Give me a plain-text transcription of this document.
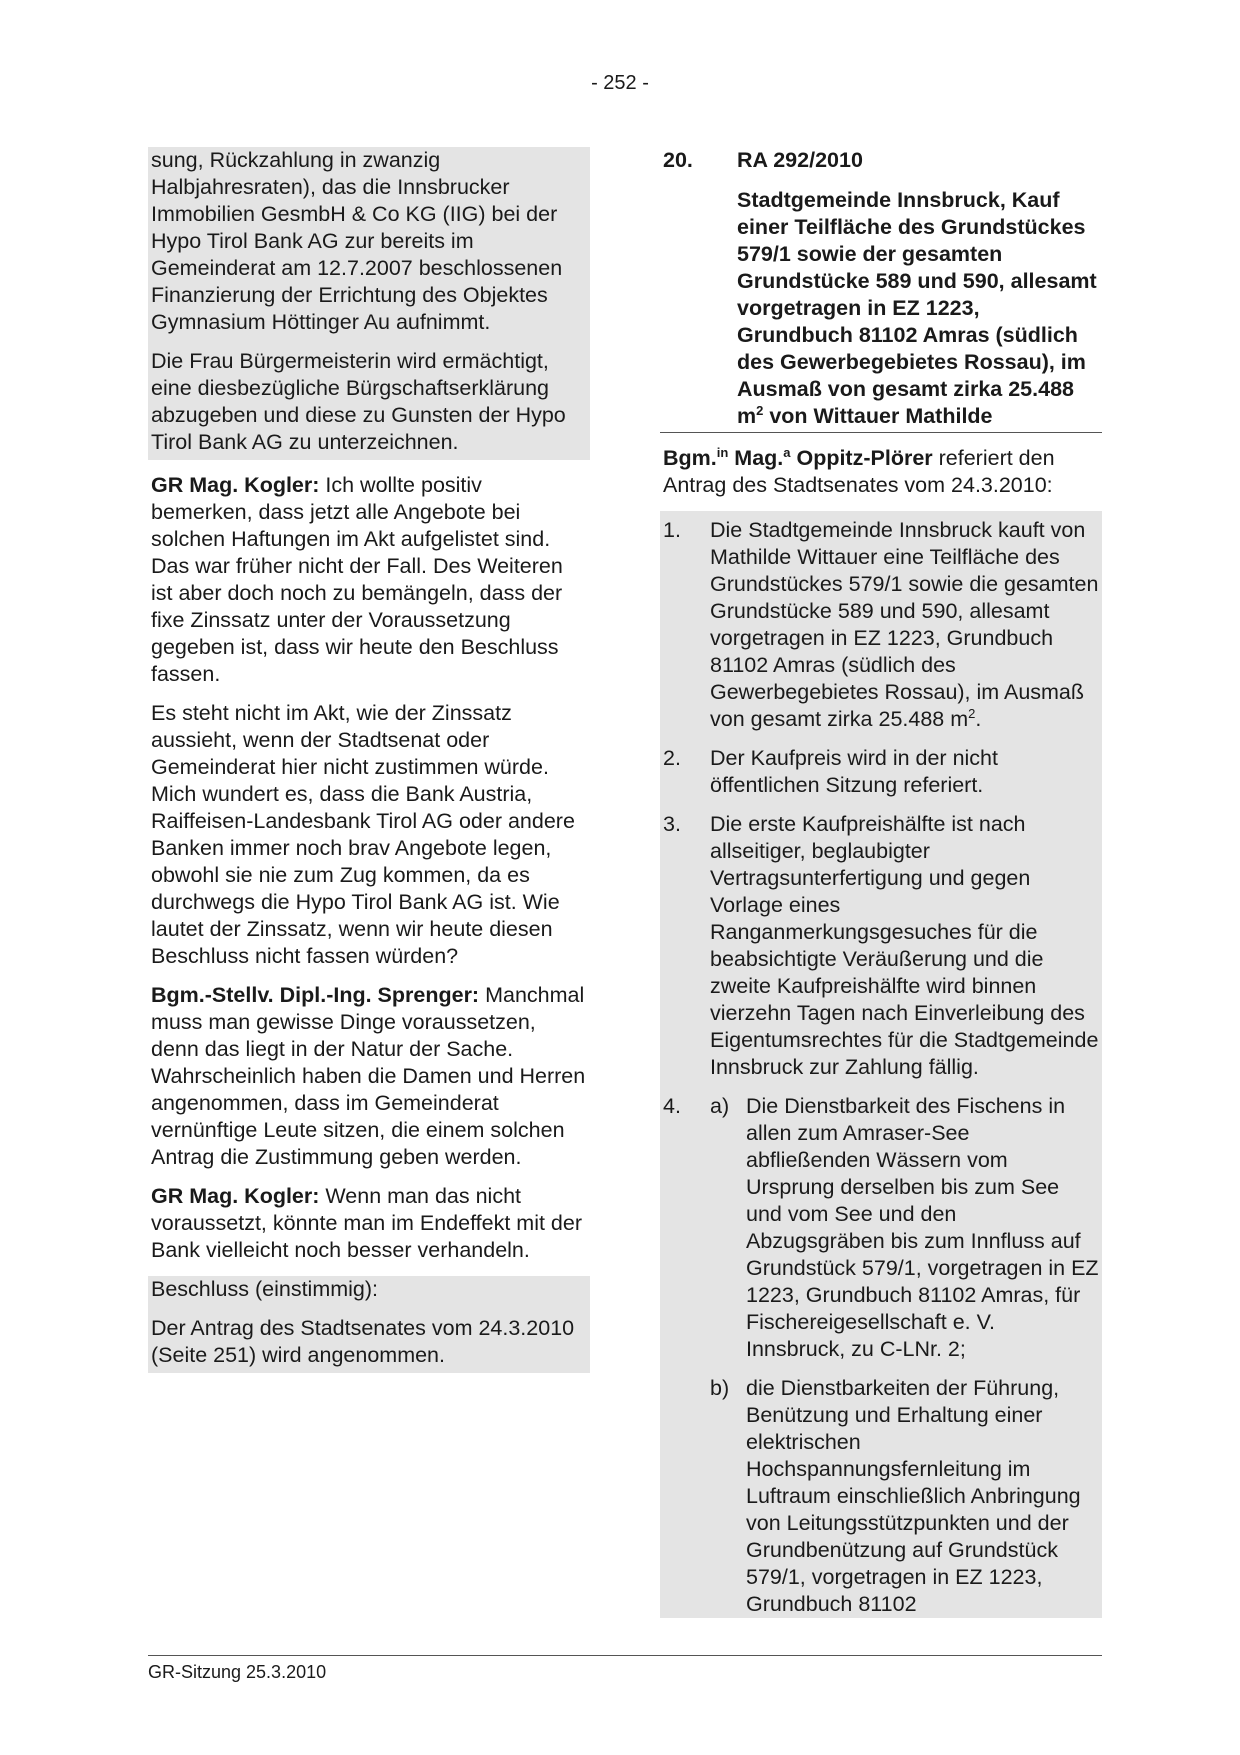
- 252 -
sung, Rückzahlung in zwanzig Halbjahresraten), das die Innsbrucker Immobilien GesmbH & Co KG (IIG) bei der Hypo Tirol Bank AG zur bereits im Gemeinderat am 12.7.2007 beschlossenen Finanzierung der Errichtung des Objektes Gymnasium Höttinger Au aufnimmt.
Die Frau Bürgermeisterin wird ermächtigt, eine diesbezügliche Bürgschaftserklärung abzugeben und diese zu Gunsten der Hypo Tirol Bank AG zu unterzeichnen.
GR Mag. Kogler: Ich wollte positiv bemerken, dass jetzt alle Angebote bei solchen Haftungen im Akt aufgelistet sind. Das war früher nicht der Fall. Des Weiteren ist aber doch noch zu bemängeln, dass der fixe Zinssatz unter der Voraussetzung gegeben ist, dass wir heute den Beschluss fassen.
Es steht nicht im Akt, wie der Zinssatz aussieht, wenn der Stadtsenat oder Gemeinderat hier nicht zustimmen würde. Mich wundert es, dass die Bank Austria, Raiffeisen-Landesbank Tirol AG oder andere Banken immer noch brav Angebote legen, obwohl sie nie zum Zug kommen, da es durchwegs die Hypo Tirol Bank AG ist. Wie lautet der Zinssatz, wenn wir heute diesen Beschluss nicht fassen würden?
Bgm.-Stellv. Dipl.-Ing. Sprenger: Manchmal muss man gewisse Dinge voraussetzen, denn das liegt in der Natur der Sache. Wahrscheinlich haben die Damen und Herren angenommen, dass im Gemeinderat vernünftige Leute sitzen, die einem solchen Antrag die Zustimmung geben werden.
GR Mag. Kogler: Wenn man das nicht voraussetzt, könnte man im Endeffekt mit der Bank vielleicht noch besser verhandeln.
Beschluss (einstimmig):
Der Antrag des Stadtsenates vom 24.3.2010 (Seite 251) wird angenommen.
20.	RA 292/2010
Stadtgemeinde Innsbruck, Kauf einer Teilfläche des Grundstückes 579/1 sowie der gesamten Grundstücke 589 und 590, allesamt vorgetragen in EZ 1223, Grundbuch 81102 Amras (südlich des Gewerbegebietes Rossau), im Ausmaß von gesamt zirka 25.488 $m^2$ von Wittauer Mathilde
Bgm.$^{in}$ Mag.$^a$ Oppitz-Plörer referiert den Antrag des Stadtsenates vom 24.3.2010:
1.	Die Stadtgemeinde Innsbruck kauft von Mathilde Wittauer eine Teilfläche des Grundstückes 579/1 sowie die gesamten Grundstücke 589 und 590, allesamt vorgetragen in EZ 1223, Grundbuch 81102 Amras (südlich des Gewerbegebietes Rossau), im Ausmaß von gesamt zirka 25.488 $m^2$.
2.	Der Kaufpreis wird in der nicht öffentlichen Sitzung referiert.
3.	Die erste Kaufpreishälfte ist nach allseitiger, beglaubigter Vertragsunterfertigung und gegen Vorlage eines Ranganmerkungsgesuches für die beabsichtigte Veräußerung und die zweite Kaufpreishälfte wird binnen vierzehn Tagen nach Einverleibung des Eigentumsrechtes für die Stadtgemeinde Innsbruck zur Zahlung fällig.
4.	a) Die Dienstbarkeit des Fischens in allen zum Amraser-See abfließenden Wässern vom Ursprung derselben bis zum See und vom See und den Abzugsgräben bis zum Innfluss auf Grundstück 579/1, vorgetragen in EZ 1223, Grundbuch 81102 Amras, für Fischereigesellschaft e. V. Innsbruck, zu C-LNr. 2;
b) die Dienstbarkeiten der Führung, Benützung und Erhaltung einer elektrischen Hochspannungsfernleitung im Luftraum einschließlich Anbringung von Leitungsstützpunkten und der Grundbenützung auf Grundstück 579/1, vorgetragen in EZ 1223, Grundbuch 81102
GR-Sitzung 25.3.2010
